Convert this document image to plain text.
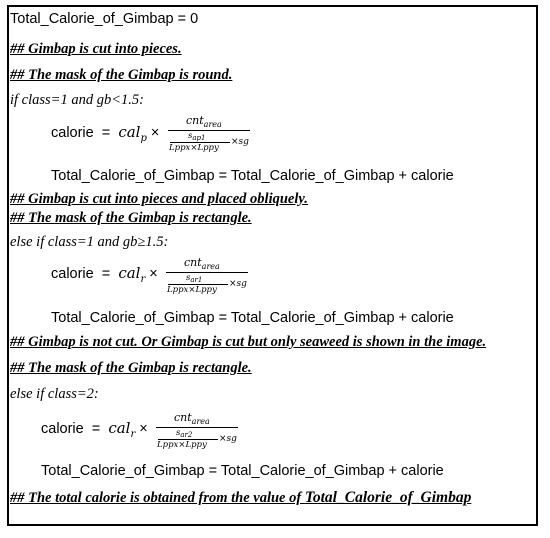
Total_Calorie_of_Gimbap = 0
## Gimbap is cut into pieces.
## The mask of the Gimbap is round.
if class=1 and gb<1.5:
calorie = cal$_p$ ×
cnt$_{area}$
$s_{ap1}$
Lppx×Lppy
×sg
Total_Calorie_of_Gimbap = Total_Calorie_of_Gimbap + calorie
## Gimbap is cut into pieces and placed obliquely.
## The mask of the Gimbap is rectangle.
else if class=1 and gb≥1.5:
calorie = cal$_r$ ×
cnt$_{area}$
$s_{ar1}$
Lppx×Lppy
×sg
Total_Calorie_of_Gimbap = Total_Calorie_of_Gimbap + calorie
## Gimbap is not cut. Or Gimbap is cut but only seaweed is shown in the image.
## The mask of the Gimbap is rectangle.
else if class=2:
calorie = cal$_r$ ×
cnt$_{area}$
$s_{ar2}$
Lppx×Lppy
×sg
Total_Calorie_of_Gimbap = Total_Calorie_of_Gimbap + calorie
## The total calorie is obtained from the value of Total_Calorie_of_Gimbap
